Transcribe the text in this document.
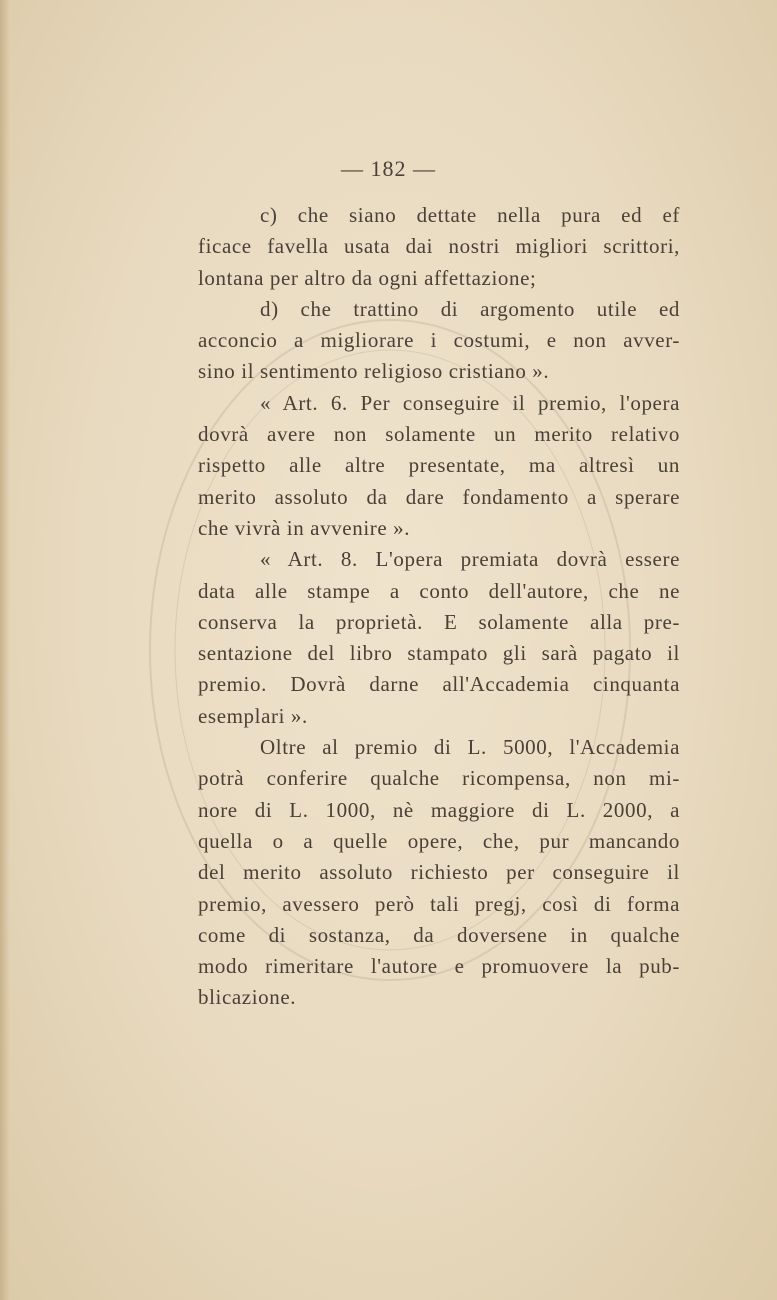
— 182 —
c) che siano dettate nella pura ed ef
ficace favella usata dai nostri migliori scrittori,
lontana per altro da ogni affettazione;
d) che trattino di argomento utile ed
acconcio a migliorare i costumi, e non avver-
sino il sentimento religioso cristiano ».
« Art. 6. Per conseguire il premio, l'opera
dovrà avere non solamente un merito relativo
rispetto alle altre presentate, ma altresì un
merito assoluto da dare fondamento a sperare
che vivrà in avvenire ».
« Art. 8. L'opera premiata dovrà essere
data alle stampe a conto dell'autore, che ne
conserva la proprietà. E solamente alla pre-
sentazione del libro stampato gli sarà pagato il
premio. Dovrà darne all'Accademia cinquanta
esemplari ».
Oltre al premio di L. 5000, l'Accademia
potrà conferire qualche ricompensa, non mi-
nore di L. 1000, nè maggiore di L. 2000, a
quella o a quelle opere, che, pur mancando
del merito assoluto richiesto per conseguire il
premio, avessero però tali pregj, così di forma
come di sostanza, da doversene in qualche
modo rimeritare l'autore e promuovere la pub-
blicazione.
